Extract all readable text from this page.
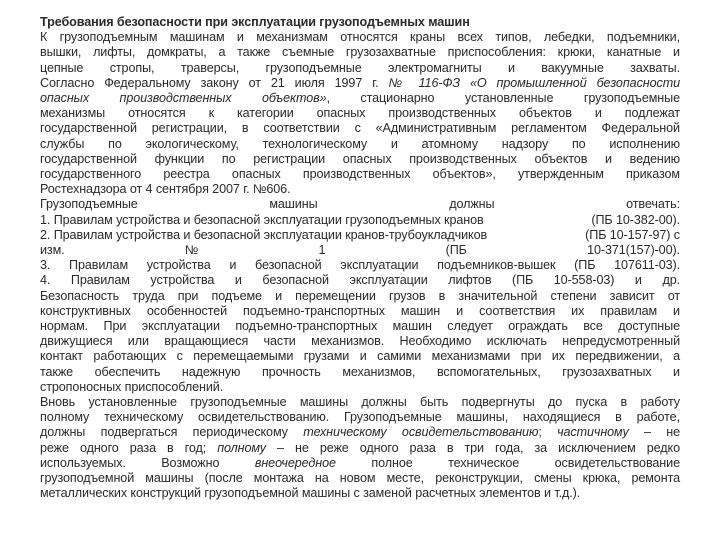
Требования безопасности при эксплуатации грузоподъемных машин
К грузоподъемным машинам и механизмам относятся краны всех типов, лебедки, подъемники,
вышки, лифты, домкраты, а также съемные грузозахватные приспособления: крюки, канатные и
цепные стропы, траверсы, грузоподъемные электромагниты и вакуумные захваты.
Согласно Федеральному закону от 21 июля 1997 г. № 116-ФЗ «О промышленной безопасности
опасных производственных объектов», стационарно установленные грузоподъемные
механизмы относятся к категории опасных производственных объектов и подлежат
государственной регистрации, в соответствии с «Административным регламентом Федеральной
службы по экологическому, технологическому и атомному надзору по исполнению
государственной функции по регистрации опасных производственных объектов и ведению
государственного реестра опасных производственных объектов», утвержденным приказом
Ростехнадзора от 4 сентября 2007 г. №606.
Грузоподъемные	машины	должны	отвечать:
1. Правилам устройства и безопасной эксплуатации грузоподъемных кранов	(ПБ 10-382-00).
2. Правилам устройства и безопасной эксплуатации кранов-трубоукладчиков	(ПБ 10-157-97) с
изм.	№	1	(ПБ	10-371(157)-00).
3. Правилам устройства и безопасной эксплуатации подъемников-вышек (ПБ 107611-03).
4. Правилам устройства и безопасной эксплуатации лифтов (ПБ 10-558-03) и др.
Безопасность труда при подъеме и перемещении грузов в значительной степени зависит от
конструктивных особенностей подъемно-транспортных машин и соответствия их правилам и
нормам. При эксплуатации подъемно-транспортных машин следует ограждать все доступные
движущиеся или вращающиеся части механизмов. Необходимо исключать непредусмотренный
контакт работающих с перемещаемыми грузами и самими механизмами при их передвижении, а
также обеспечить надежную прочность механизмов, вспомогательных, грузозахватных и
стропоносных приспособлений.
Вновь установленные грузоподъемные машины должны быть подвергнуты до пуска в работу
полному техническому освидетельствованию. Грузоподъемные машины, находящиеся в работе,
должны подвергаться периодическому техническому освидетельствованию; частичному – не
реже одного раза в год; полному – не реже одного раза в три года, за исключением редко
используемых. Возможно внеочередное полное техническое освидетельствование
грузоподъемной машины (после монтажа на новом месте, реконструкции, смены крюка, ремонта
металлических конструкций грузоподъемной машины с заменой расчетных элементов и т.д.).
